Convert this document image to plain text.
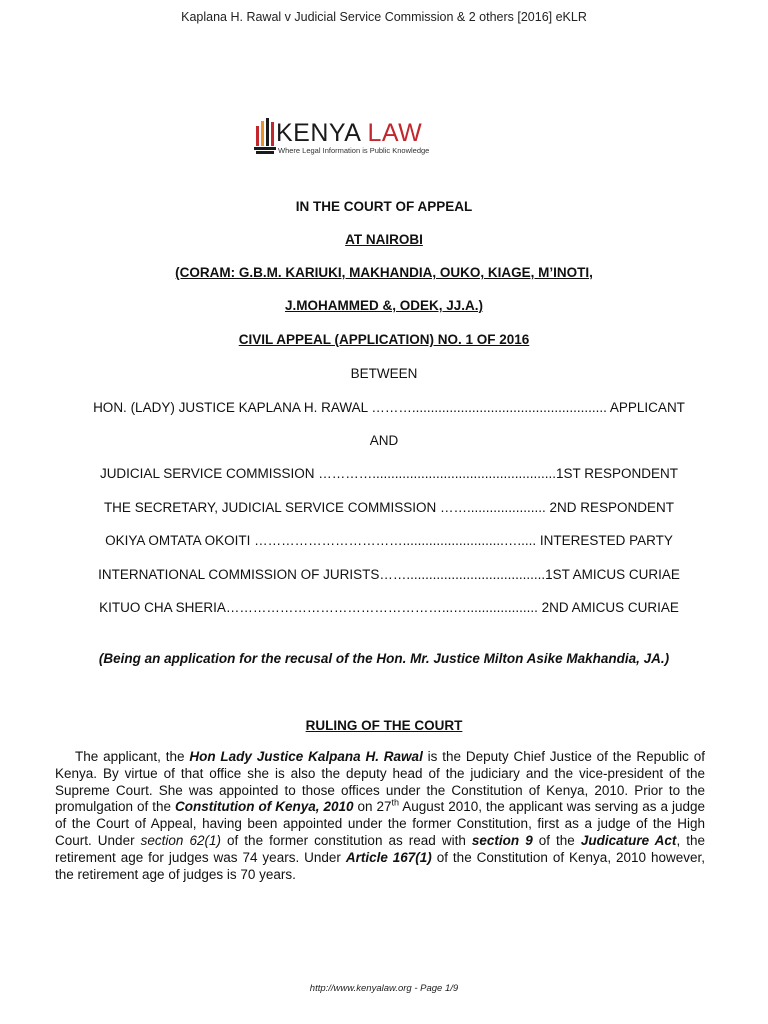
Kaplana H. Rawal v Judicial Service Commission & 2 others [2016] eKLR
KENYA LAW
Where Legal Information is Public Knowledge
IN THE COURT OF APPEAL
AT NAIROBI
(CORAM: G.B.M. KARIUKI, MAKHANDIA, OUKO, KIAGE, M’INOTI,
J.MOHAMMED &, ODEK, JJ.A.)
CIVIL APPEAL (APPLICATION) NO. 1 OF 2016
BETWEEN
HON. (LADY) JUSTICE KAPLANA H. RAWAL ……….................................................... APPLICANT
AND
JUDICIAL SERVICE COMMISSION ………….................................................1ST RESPONDENT
THE SECRETARY, JUDICIAL SERVICE COMMISSION ……..................... 2ND RESPONDENT
OKIYA OMTATA OKOITI ……………………………...........................…..... INTERESTED PARTY
INTERNATIONAL COMMISSION OF JURISTS…….....................................1ST AMICUS CURIAE
KITUO CHA SHERIA…………………………………………...…................... 2ND AMICUS CURIAE
(Being an application for the recusal of the Hon. Mr. Justice Milton Asike Makhandia, JA.)
RULING OF THE COURT
The applicant, the Hon Lady Justice Kalpana H. Rawal is the Deputy Chief Justice of the Republic of Kenya. By virtue of that office she is also the deputy head of the judiciary and the vice-president of the Supreme Court. She was appointed to those offices under the Constitution of Kenya, 2010. Prior to the promulgation of the Constitution of Kenya, 2010 on 27th August 2010, the applicant was serving as a judge of the Court of Appeal, having been appointed under the former Constitution, first as a judge of the High Court. Under section 62(1) of the former constitution as read with section 9 of the Judicature Act, the retirement age for judges was 74 years. Under Article 167(1) of the Constitution of Kenya, 2010 however, the retirement age of judges is 70 years.
http://www.kenyalaw.org - Page 1/9
